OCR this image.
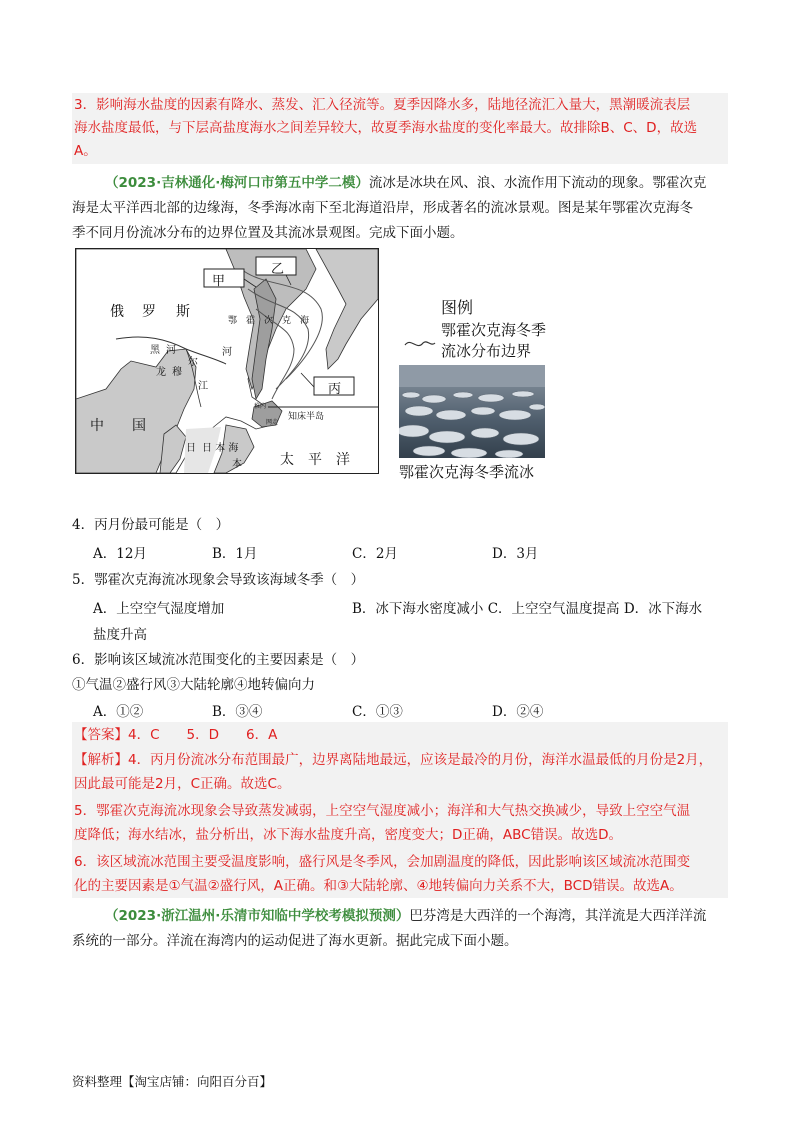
3．影响海水盐度的因素有降水、蒸发、汇入径流等。夏季因降水多，陆地径流汇入量大，黑潮暖流表层
海水盐度最低，与下层高盐度海水之间差异较大，故夏季海水盐度的变化率最大。故排除B、C、D，故选
A。
（2023·吉林通化·梅河口市第五中学二模）流冰是冰块在风、浪、水流作用下流动的现象。鄂霍次克
海是太平洋西北部的边缘海，冬季海冰南下至北海道沿岸，形成著名的流冰景观。图是某年鄂霍次克海冬
季不同月份流冰分布的边界位置及其流冰景观图。完成下面小题。
甲
乙
丙
俄 罗 斯
鄂　霍　次　克　海
黑 河
龙 穆
尔
河
江
中　　国
日 本 海
太　平　洋
知床半岛
稚内
网走
日
本
图例
鄂霍次克海冬季
流冰分布边界
鄂霍次克海冬季流冰
4．丙月份最可能是（　）
A．12月	B．1月	C．2月	D．3月
5．鄂霍次克海流冰现象会导致该海域冬季（　）
A．上空空气湿度增加	B．冰下海水密度减小 C．上空空气温度提高 D．冰下海水
盐度升高
6．影响该区域流冰范围变化的主要因素是（　）
①气温②盛行风③大陆轮廓④地转偏向力
A．①②	B．③④	C．①③	D．②④
【答案】4．C　　5．D　　6．A
【解析】4．丙月份流冰分布范围最广，边界离陆地最远，应该是最冷的月份，海洋水温最低的月份是2月，
因此最可能是2月，C正确。故选C。
5．鄂霍次克海流冰现象会导致蒸发减弱，上空空气湿度减小；海洋和大气热交换减少，导致上空空气温
度降低；海水结冰，盐分析出，冰下海水盐度升高，密度变大；D正确，ABC错误。故选D。
6．该区域流冰范围主要受温度影响，盛行风是冬季风，会加剧温度的降低，因此影响该区域流冰范围变
化的主要因素是①气温②盛行风，A正确。和③大陆轮廓、④地转偏向力关系不大，BCD错误。故选A。
（2023·浙江温州·乐清市知临中学校考模拟预测）巴芬湾是大西洋的一个海湾，其洋流是大西洋洋流
系统的一部分。洋流在海湾内的运动促进了海水更新。据此完成下面小题。
资料整理【淘宝店铺：向阳百分百】
